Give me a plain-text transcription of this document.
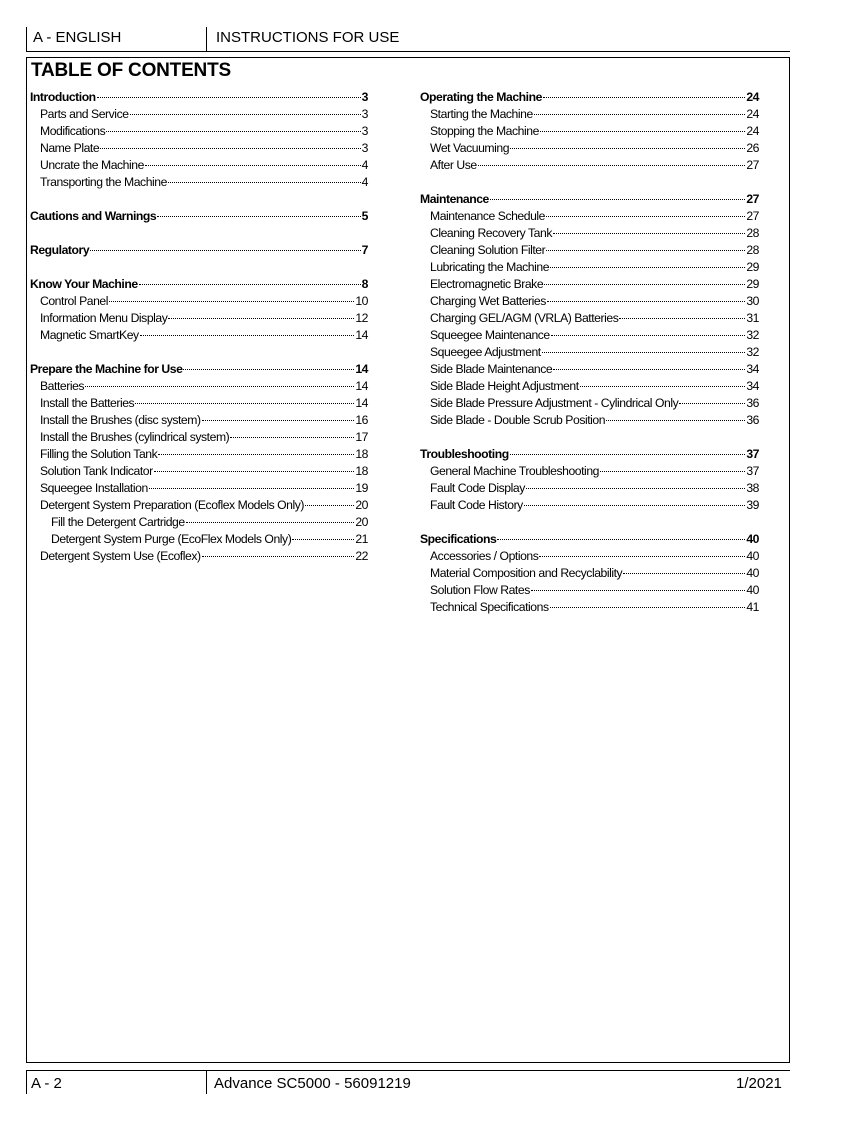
A - ENGLISH	INSTRUCTIONS FOR USE
TABLE OF CONTENTS
Introduction	3
Parts and Service	3
Modifications	3
Name Plate	3
Uncrate the Machine	4
Transporting the Machine	4
Cautions and Warnings	5
Regulatory	7
Know Your Machine	8
Control Panel	10
Information Menu Display	12
Magnetic SmartKey	14
Prepare the Machine for Use	14
Batteries	14
Install the Batteries	14
Install the Brushes (disc system)	16
Install the Brushes (cylindrical system)	17
Filling the Solution Tank	18
Solution Tank Indicator	18
Squeegee Installation	19
Detergent System Preparation (Ecoflex Models Only)	20
Fill the Detergent Cartridge	20
Detergent System Purge (EcoFlex Models Only)	21
Detergent System Use (Ecoflex)	22
Operating the Machine	24
Starting the Machine	24
Stopping the Machine	24
Wet Vacuuming	26
After Use	27
Maintenance	27
Maintenance Schedule	27
Cleaning Recovery Tank	28
Cleaning Solution Filter	28
Lubricating the Machine	29
Electromagnetic Brake	29
Charging Wet Batteries	30
Charging GEL/AGM (VRLA) Batteries	31
Squeegee Maintenance	32
Squeegee Adjustment	32
Side Blade Maintenance	34
Side Blade Height Adjustment	34
Side Blade Pressure Adjustment - Cylindrical Only	36
Side Blade - Double Scrub Position	36
Troubleshooting	37
General Machine Troubleshooting	37
Fault Code Display	38
Fault Code History	39
Specifications	40
Accessories / Options	40
Material Composition and Recyclability	40
Solution Flow Rates	40
Technical Specifications	41
A - 2	Advance SC5000 - 56091219	1/2021
